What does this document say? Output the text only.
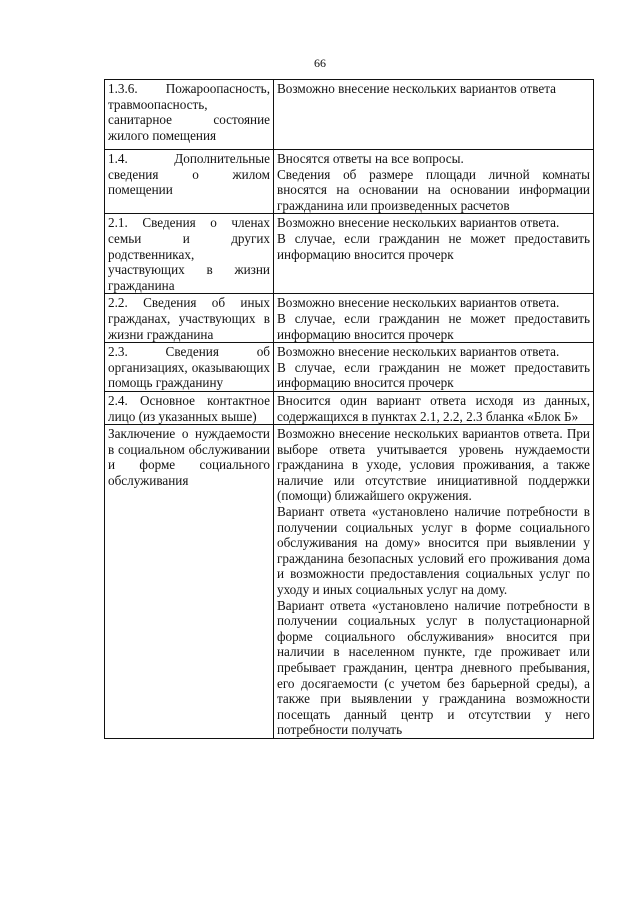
66
1.3.6. Пожароопасность, травмоопасность, санитарное состояние жилого помещения	Возможно внесение нескольких вариантов ответа

1.4. Дополнительные сведения о жилом помещении	Вносятся ответы на все вопросы.

Сведения об размере площади личной комнаты вносятся на основании на основании информации гражданина или произведенных расчетов

2.1. Сведения о членах семьи и других родственниках, участвующих в жизни гражданина	Возможно внесение нескольких вариантов ответа.

В случае, если гражданин не может предоставить информацию вносится прочерк

2.2. Сведения об иных гражданах, участвующих в жизни гражданина	Возможно внесение нескольких вариантов ответа.

В случае, если гражданин не может предоставить информацию вносится прочерк

2.3. Сведения об организациях, оказывающих помощь гражданину	Возможно внесение нескольких вариантов ответа.

В случае, если гражданин не может предоставить информацию вносится прочерк

2.4. Основное контактное лицо (из указанных выше)	Вносится один вариант ответа исходя из данных, содержащихся в пунктах 2.1, 2.2, 2.3 бланка «Блок Б»

Заключение о нуждаемости в социальном обслуживании и форме социального обслуживания	Возможно внесение нескольких вариантов ответа. При выборе ответа учитывается уровень нуждаемости гражданина в уходе, условия проживания, а также наличие или отсутствие инициативной поддержки (помощи) ближайшего окружения.

Вариант ответа «установлено наличие потребности в получении социальных услуг в форме социального обслуживания на дому» вносится при выявлении у гражданина безопасных условий его проживания дома и возможности предоставления социальных услуг по уходу и иных социальных услуг на дому.

Вариант ответа «установлено наличие потребности в получении социальных услуг в полустационарной форме социального обслуживания» вносится при наличии в населенном пункте, где проживает или пребывает гражданин, центра дневного пребывания, его досягаемости (с учетом без барьерной среды), а также при выявлении у гражданина возможности посещать данный центр и отсутствии у него потребности получать
